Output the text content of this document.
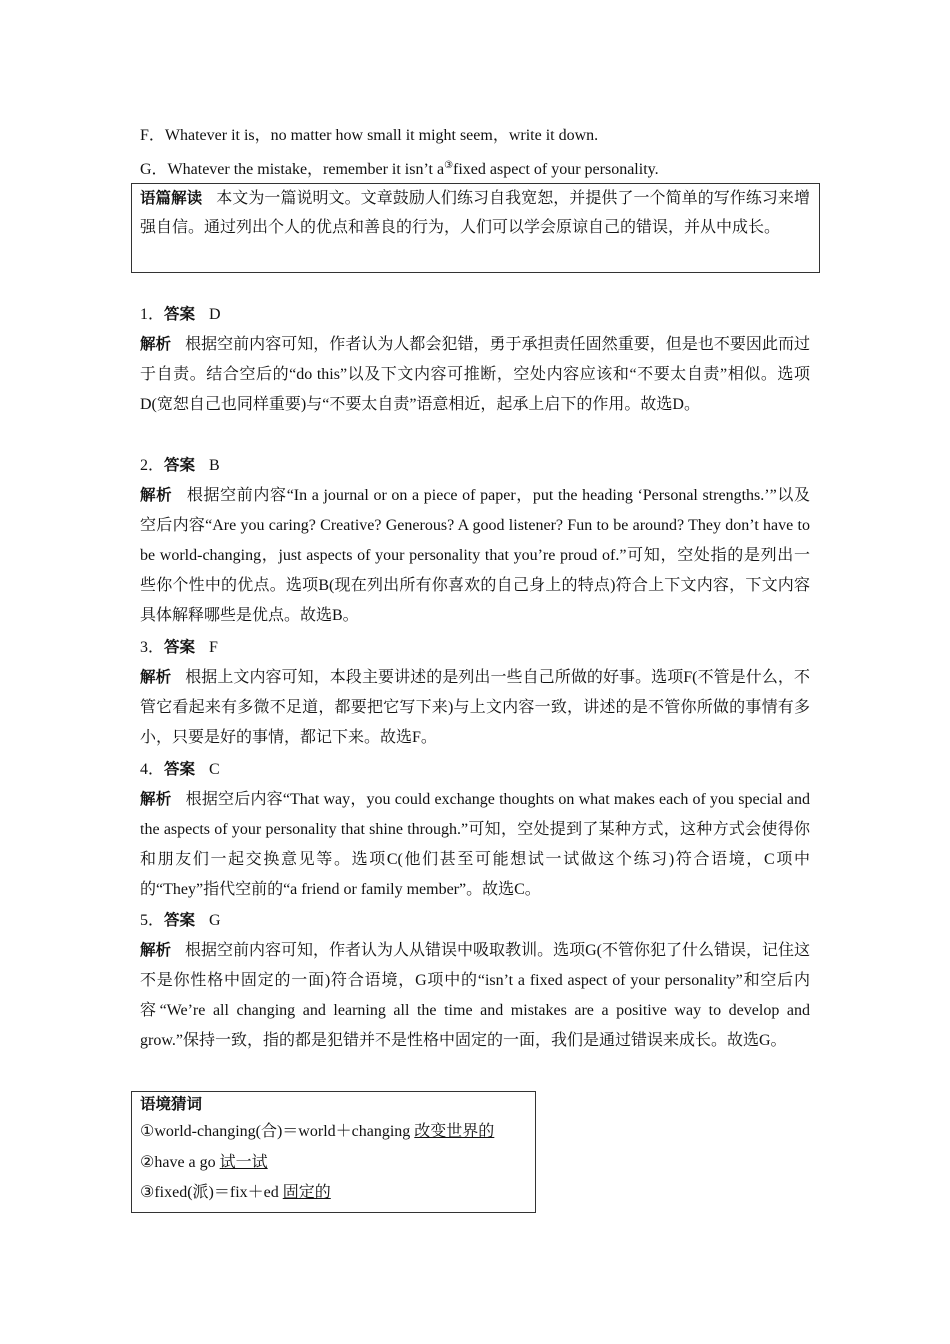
F．Whatever it is，no matter how small it might seem，write it down.
G．Whatever the mistake，remember it isn’t a③fixed aspect of your personality.
语篇解读 本文为一篇说明文。文章鼓励人们练习自我宽恕，并提供了一个简单的写作练习来增强自信。通过列出个人的优点和善良的行为，人们可以学会原谅自己的错误，并从中成长。
1．答案 D
解析 根据空前内容可知，作者认为人都会犯错，勇于承担责任固然重要，但是也不要因此而过于自责。结合空后的“do this”以及下文内容可推断，空处内容应该和“不要太自责”相似。选项D(宽恕自己也同样重要)与“不要太自责”语意相近，起承上启下的作用。故选D。
2．答案 B
解析 根据空前内容“In a journal or on a piece of paper，put the heading ‘Personal strengths.’”以及空后内容“Are you caring? Creative? Generous? A good listener? Fun to be around? They don’t have to be world-changing，just aspects of your personality that you’re proud of.”可知，空处指的是列出一些你个性中的优点。选项B(现在列出所有你喜欢的自己身上的特点)符合上下文内容，下文内容具体解释哪些是优点。故选B。
3．答案 F
解析 根据上文内容可知，本段主要讲述的是列出一些自己所做的好事。选项F(不管是什么，不管它看起来有多微不足道，都要把它写下来)与上文内容一致，讲述的是不管你所做的事情有多小，只要是好的事情，都记下来。故选F。
4．答案 C
解析 根据空后内容“That way，you could exchange thoughts on what makes each of you special and the aspects of your personality that shine through.”可知，空处提到了某种方式，这种方式会使得你和朋友们一起交换意见等。选项C(他们甚至可能想试一试做这个练习)符合语境，C项中的“They”指代空前的“a friend or family member”。故选C。
5．答案 G
解析 根据空前内容可知，作者认为人从错误中吸取教训。选项G(不管你犯了什么错误，记住这不是你性格中固定的一面)符合语境，G项中的“isn’t a fixed aspect of your personality”和空后内容“We’re all changing and learning all the time and mistakes are a positive way to develop and grow.”保持一致，指的都是犯错并不是性格中固定的一面，我们是通过错误来成长。故选G。
语境猜词
①world-changing(合)＝world＋changing 改变世界的
②have a go 试一试
③fixed(派)＝fix＋ed 固定的
